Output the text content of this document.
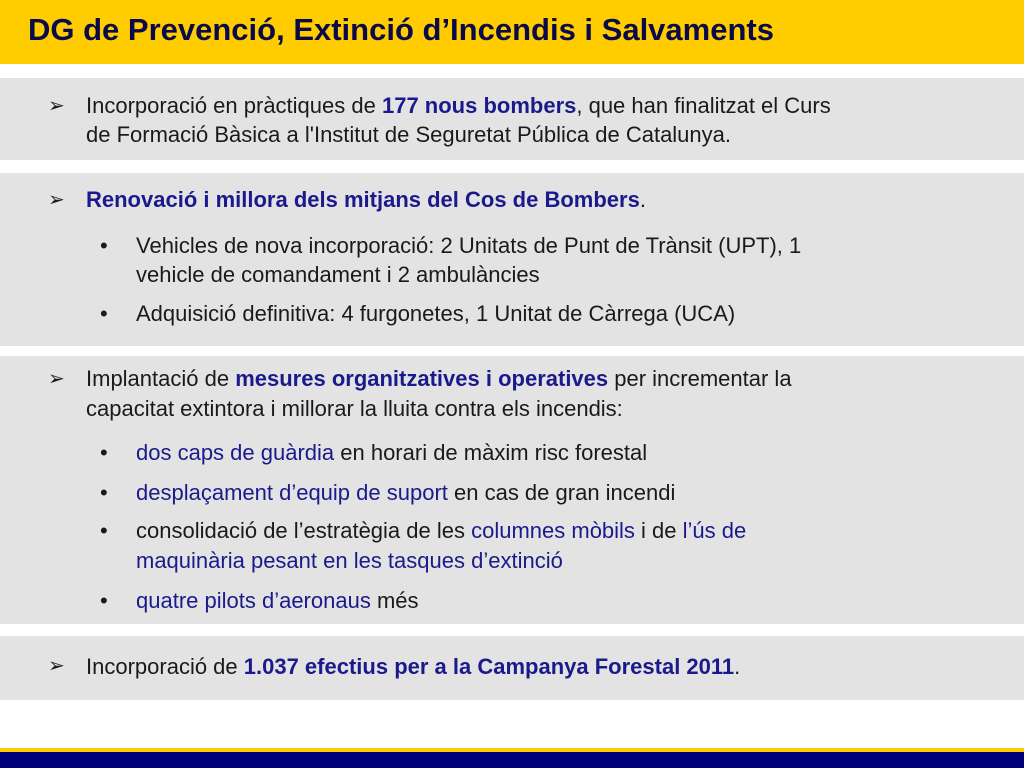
DG de Prevenció, Extinció d’Incendis i Salvaments
➢ Incorporació en pràctiques de 177 nous bombers, que han finalitzat el Curs
de Formació Bàsica a l'Institut de Seguretat Pública de Catalunya.
➢ Renovació i millora dels mitjans del Cos de Bombers.
• Vehicles de nova incorporació: 2 Unitats de Punt de Trànsit (UPT), 1
vehicle de comandament i 2 ambulàncies
• Adquisició definitiva: 4 furgonetes, 1 Unitat de Càrrega (UCA)
➢ Implantació de mesures organitzatives i operatives per incrementar la
capacitat extintora i millorar la lluita contra els incendis:
• dos caps de guàrdia en horari de màxim risc forestal
• desplaçament d’equip de suport en cas de gran incendi
• consolidació de l’estratègia de les columnes mòbils i de l’ús de
maquinària pesant en les tasques d’extinció
• quatre pilots d’aeronaus més
➢ Incorporació de 1.037 efectius per a la Campanya Forestal 2011.
